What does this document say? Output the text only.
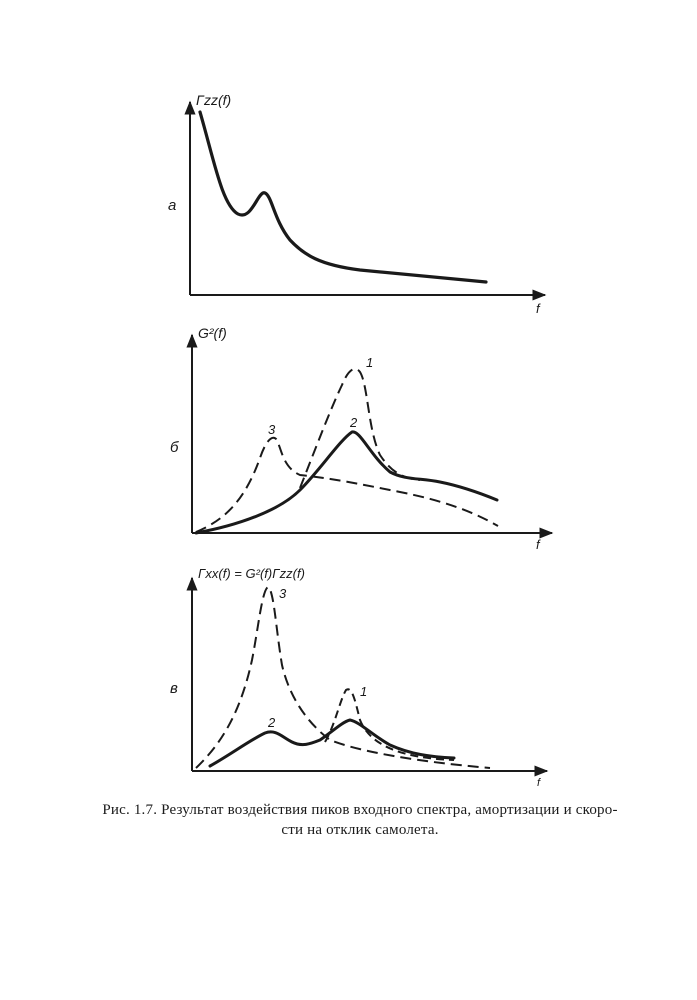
Γzz(f)
f
а
G²(f)
f
б
1
2
3
Γxx(f) = G²(f)Γzz(f)
f
в	1
2
3
Рис. 1.7. Результат воздействия пиков входного спектра, амортизации и скоро-
сти на отклик самолета.
